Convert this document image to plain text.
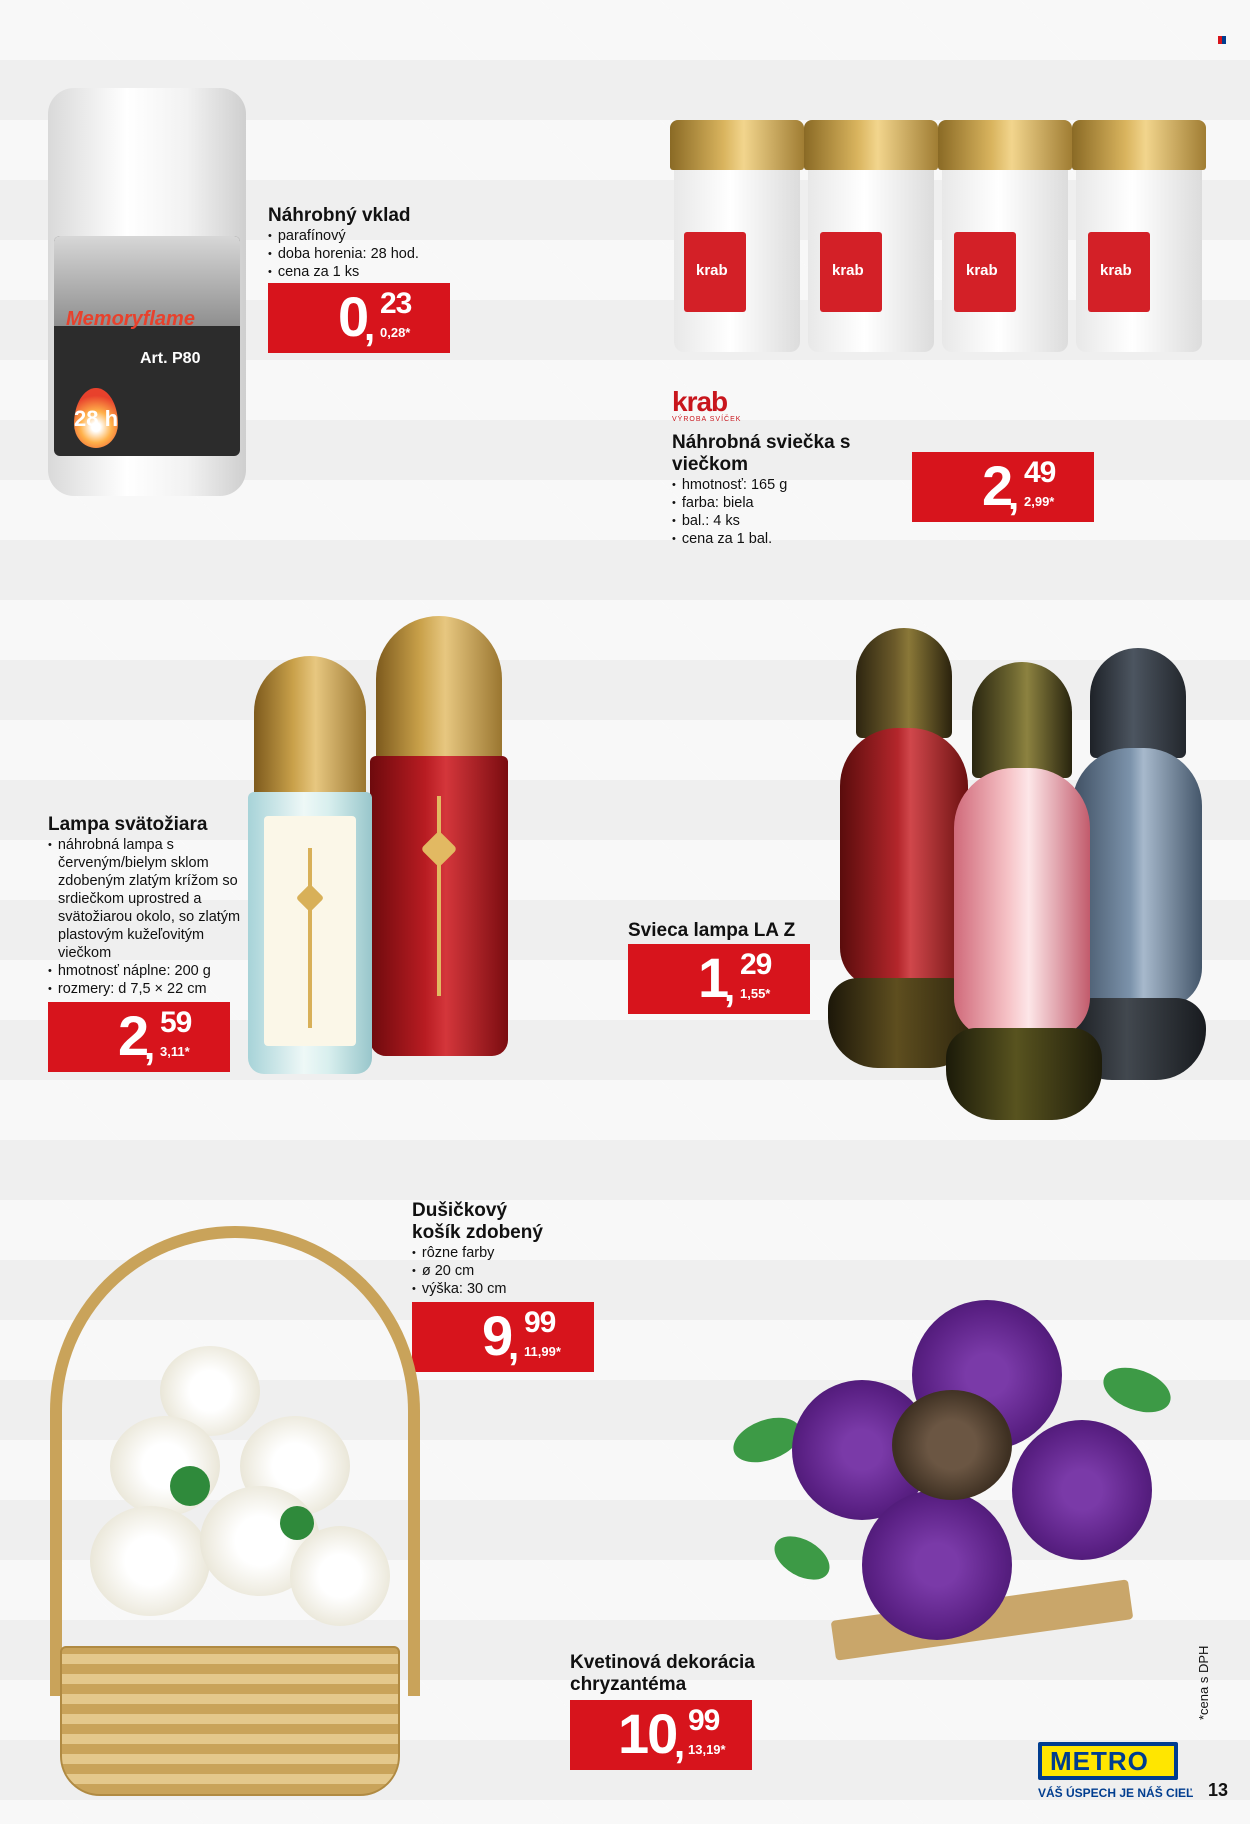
Memoryflame
Art. P80
28 h
Náhrobný vklad
• parafínový
• doba horenia: 28 hod.
• cena za 1 ks
0
,
23
0,28*
krab	krab	krab	krab
krab
VÝROBA SVÍČEK
Náhrobná sviečka s viečkom
• hmotnosť: 165 g
• farba: biela
• bal.: 4 ks
• cena za 1 bal.
2
,
49
2,99*
Lampa svätožiara
• náhrobná lampa s červeným/bielym sklom zdobeným zlatým krížom so srdiečkom uprostred a svätožiarou okolo, so zlatým plastovým kužeľovitým viečkom
• hmotnosť náplne: 200 g
• rozmery: d 7,5 × 22 cm
2
,
59
3,11*
Svieca lampa LA Z
1
,
29
1,55*
Dušičkový košík zdobený
• rôzne farby
• ø 20 cm
• výška: 30 cm
9
,
99
11,99*
Kvetinová dekorácia chryzantéma
10
,
99
13,19*
*cena s DPH
METRO
VÁŠ ÚSPECH JE NÁŠ CIEĽ 13
